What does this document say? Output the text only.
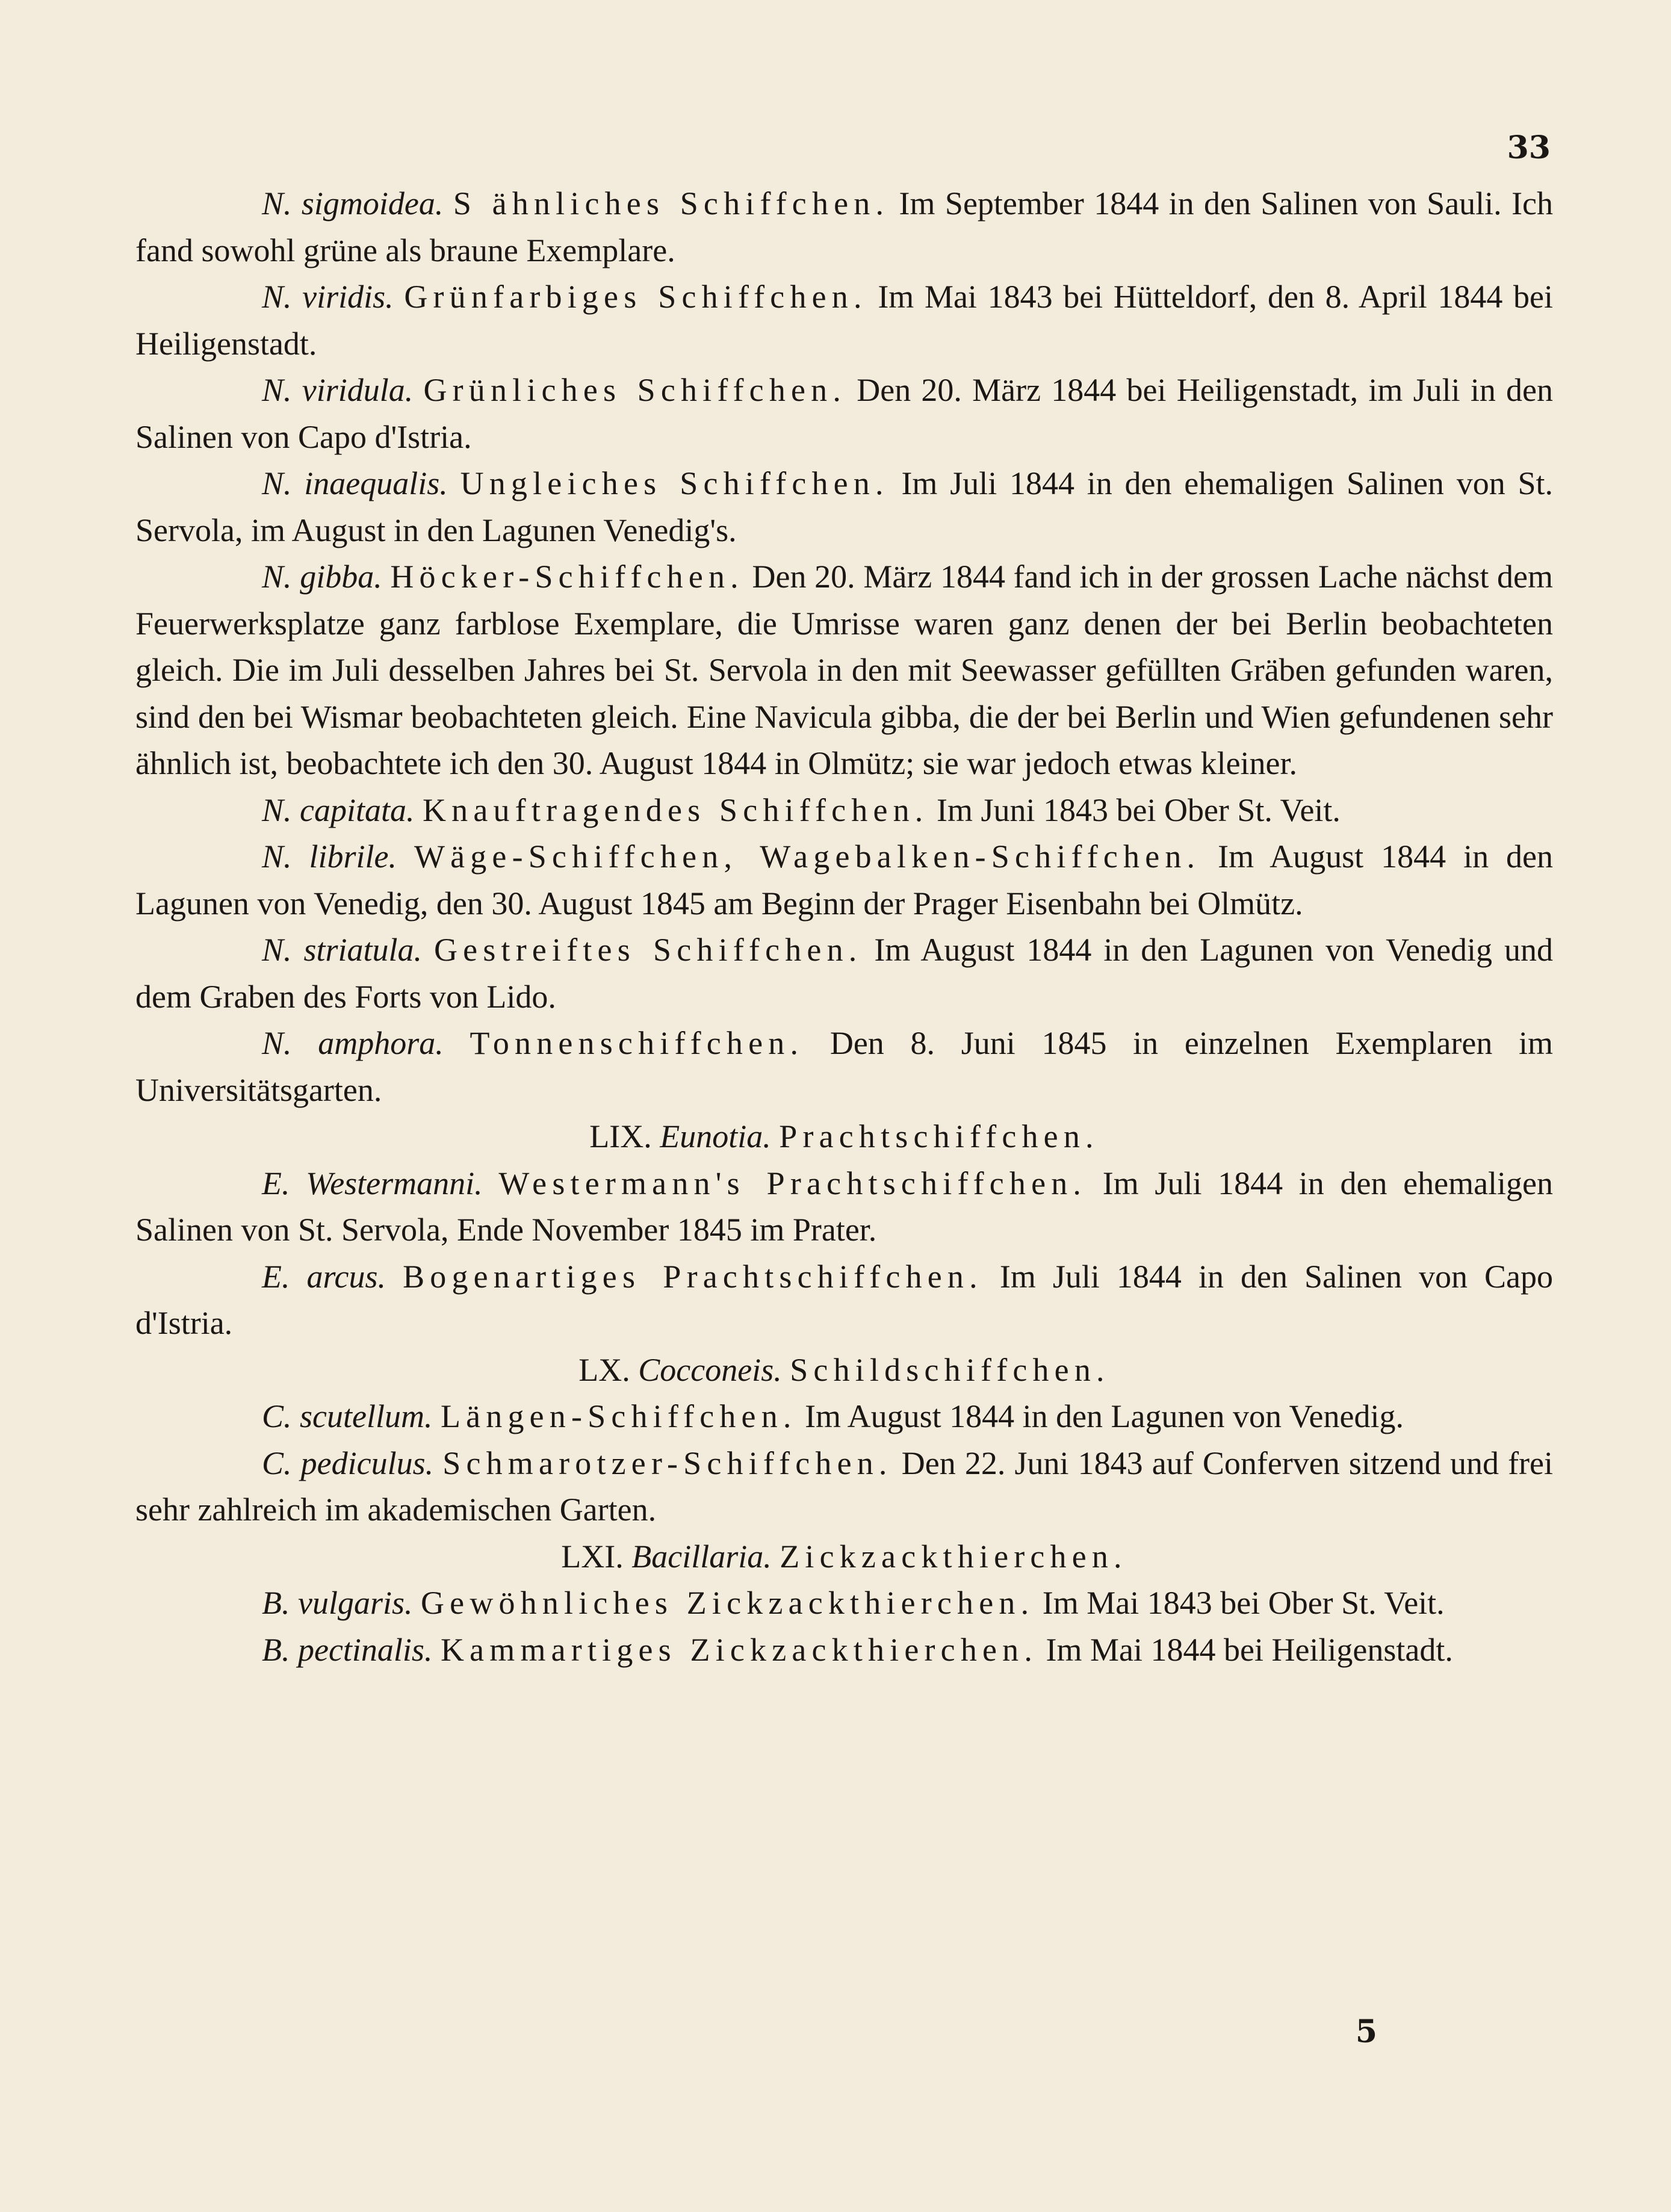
33

N. sigmoidea. S ähnliches Schiffchen. Im September 1844 in den Salinen von Sauli. Ich fand sowohl grüne als braune Exemplare.

N. viridis. Grünfarbiges Schiffchen. Im Mai 1843 bei Hütteldorf, den 8. April 1844 bei Heiligenstadt.

N. viridula. Grünliches Schiffchen. Den 20. März 1844 bei Heiligenstadt, im Juli in den Salinen von Capo d'Istria.

N. inaequalis. Ungleiches Schiffchen. Im Juli 1844 in den ehemaligen Salinen von St. Servola, im August in den Lagunen Venedig's.

N. gibba. Höcker-Schiffchen. Den 20. März 1844 fand ich in der grossen Lache nächst dem Feuerwerksplatze ganz farblose Exemplare, die Umrisse waren ganz denen der bei Berlin beobachteten gleich. Die im Juli desselben Jahres bei St. Servola in den mit Seewasser gefüllten Gräben gefunden waren, sind den bei Wismar beobachteten gleich. Eine Navicula gibba, die der bei Berlin und Wien gefundenen sehr ähnlich ist, beobachtete ich den 30. August 1844 in Olmütz; sie war jedoch etwas kleiner.

N. capitata. Knauftragendes Schiffchen. Im Juni 1843 bei Ober St. Veit.

N. librile. Wäge-Schiffchen, Wagebalken-Schiffchen. Im August 1844 in den Lagunen von Venedig, den 30. August 1845 am Beginn der Prager Eisenbahn bei Olmütz.

N. striatula. Gestreiftes Schiffchen. Im August 1844 in den Lagunen von Venedig und dem Graben des Forts von Lido.

N. amphora. Tonnenschiffchen. Den 8. Juni 1845 in einzelnen Exemplaren im Universitätsgarten.

LIX. Eunotia. Prachtschiffchen.

E. Westermanni. Westermann's Prachtschiffchen. Im Juli 1844 in den ehemaligen Salinen von St. Servola, Ende November 1845 im Prater.

E. arcus. Bogenartiges Prachtschiffchen. Im Juli 1844 in den Salinen von Capo d'Istria.

LX. Cocconeis. Schildschiffchen.

C. scutellum. Längen-Schiffchen. Im August 1844 in den Lagunen von Venedig.

C. pediculus. Schmarotzer-Schiffchen. Den 22. Juni 1843 auf Conferven sitzend und frei sehr zahlreich im akademischen Garten.

LXI. Bacillaria. Zickzackthierchen.

B. vulgaris. Gewöhnliches Zickzackthierchen. Im Mai 1843 bei Ober St. Veit.

B. pectinalis. Kammartiges Zickzackthierchen. Im Mai 1844 bei Heiligenstadt.

5
